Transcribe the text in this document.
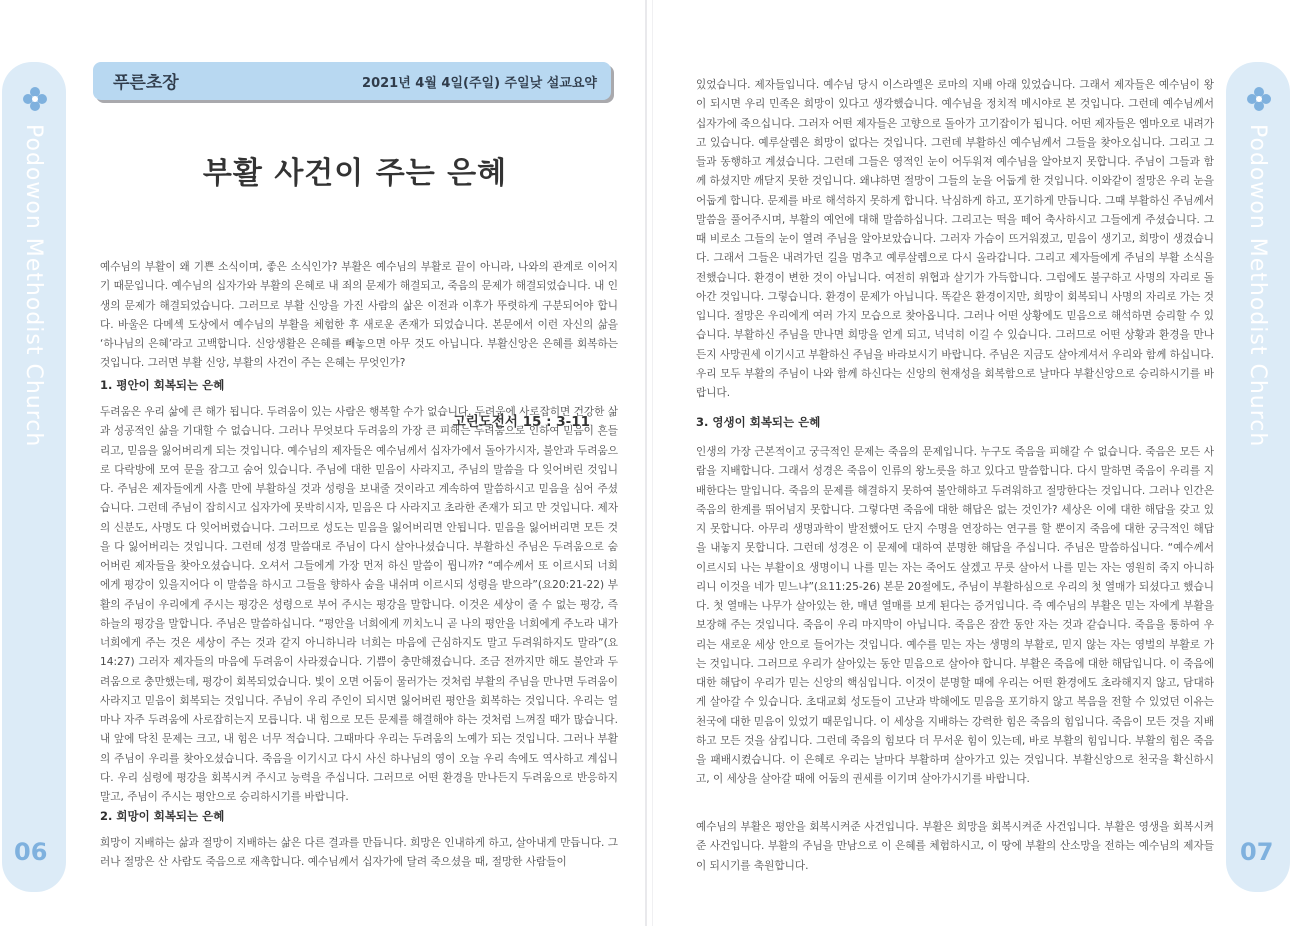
Podowon Methodist Church
06
Podowon Methodist Church
07
푸른초장	2021년 4월 4일(주일) 주일낮 설교요약
부활 사건이 주는 은혜
고린도전서 15 : 3-11
예수님의 부활이 왜 기쁜 소식이며, 좋은 소식인가? 부활은 예수님의 부활로 끝이 아니라, 나와의 관계로 이어지기 때문입니다. 예수님의 십자가와 부활의 은혜로 내 죄의 문제가 해결되고, 죽음의 문제가 해결되었습니다. 내 인생의 문제가 해결되었습니다. 그러므로 부활 신앙을 가진 사람의 삶은 이전과 이후가 뚜렷하게 구분되어야 합니다. 바울은 다메섹 도상에서 예수님의 부활을 체험한 후 새로운 존재가 되었습니다. 본문에서 이런 자신의 삶을 ‘하나님의 은혜’라고 고백합니다. 신앙생활은 은혜를 빼놓으면 아무 것도 아닙니다. 부활신앙은 은혜를 회복하는 것입니다. 그러면 부활 신앙, 부활의 사건이 주는 은혜는 무엇인가?
1. 평안이 회복되는 은혜
두려움은 우리 삶에 큰 해가 됩니다. 두려움이 있는 사람은 행복할 수가 없습니다. 두려움에 사로잡히면 건강한 삶과 성공적인 삶을 기대할 수 없습니다. 그러나 무엇보다 두려움의 가장 큰 피해는 두려움으로 인하여 믿음이 흔들리고, 믿음을 잃어버리게 되는 것입니다. 예수님의 제자들은 예수님께서 십자가에서 돌아가시자, 불안과 두려움으로 다락방에 모여 문을 잠그고 숨어 있습니다. 주님에 대한 믿음이 사라지고, 주님의 말씀을 다 잊어버린 것입니다. 주님은 제자들에게 사흘 만에 부활하실 것과 성령을 보내줄 것이라고 계속하여 말씀하시고 믿음을 심어 주셨습니다. 그런데 주님이 잡히시고 십자가에 못박히시자, 믿음은 다 사라지고 초라한 존재가 되고 만 것입니다. 제자의 신분도, 사명도 다 잊어버렸습니다. 그러므로 성도는 믿음을 잃어버리면 안됩니다. 믿음을 잃어버리면 모든 것을 다 잃어버리는 것입니다. 그런데 성경 말씀대로 주님이 다시 살아나셨습니다. 부활하신 주님은 두려움으로 숨어버린 제자들을 찾아오셨습니다. 오셔서 그들에게 가장 먼저 하신 말씀이 뭡니까? “예수께서 또 이르시되 너희에게 평강이 있을지어다 이 말씀을 하시고 그들을 향하사 숨을 내쉬며 이르시되 성령을 받으라”(요20:21-22) 부활의 주님이 우리에게 주시는 평강은 성령으로 부어 주시는 평강을 말합니다. 이것은 세상이 줄 수 없는 평강, 즉 하늘의 평강을 말합니다. 주님은 말씀하십니다. “평안을 너희에게 끼치노니 곧 나의 평안을 너희에게 주노라 내가 너희에게 주는 것은 세상이 주는 것과 같지 아니하니라 너희는 마음에 근심하지도 말고 두려워하지도 말라”(요14:27) 그러자 제자들의 마음에 두려움이 사라졌습니다. 기쁨이 충만해졌습니다. 조금 전까지만 해도 불안과 두려움으로 충만했는데, 평강이 회복되었습니다. 빛이 오면 어둠이 물러가는 것처럼 부활의 주님을 만나면 두려움이 사라지고 믿음이 회복되는 것입니다. 주님이 우리 주인이 되시면 잃어버린 평안을 회복하는 것입니다. 우리는 얼마나 자주 두려움에 사로잡히는지 모릅니다. 내 힘으로 모든 문제를 해결해야 하는 것처럼 느껴질 때가 많습니다. 내 앞에 닥친 문제는 크고, 내 힘은 너무 적습니다. 그때마다 우리는 두려움의 노예가 되는 것입니다. 그러나 부활의 주님이 우리를 찾아오셨습니다. 죽음을 이기시고 다시 사신 하나님의 영이 오늘 우리 속에도 역사하고 계십니다. 우리 심령에 평강을 회복시켜 주시고 능력을 주십니다. 그러므로 어떤 환경을 만나든지 두려움으로 반응하지 말고, 주님이 주시는 평안으로 승리하시기를 바랍니다.
2. 희망이 회복되는 은혜
희망이 지배하는 삶과 절망이 지배하는 삶은 다른 결과를 만듭니다. 희망은 인내하게 하고, 살아내게 만듭니다. 그러나 절망은 산 사람도 죽음으로 재촉합니다. 예수님께서 십자가에 달려 죽으셨을 때, 절망한 사람들이
있었습니다. 제자들입니다. 예수님 당시 이스라엘은 로마의 지배 아래 있었습니다. 그래서 제자들은 예수님이 왕이 되시면 우리 민족은 희망이 있다고 생각했습니다. 예수님을 정치적 메시야로 본 것입니다. 그런데 예수님께서 십자가에 죽으십니다. 그러자 어떤 제자들은 고향으로 돌아가 고기잡이가 됩니다. 어떤 제자들은 엠마오로 내려가고 있습니다. 예루살렘은 희망이 없다는 것입니다. 그런데 부활하신 예수님께서 그들을 찾아오십니다. 그리고 그들과 동행하고 계셨습니다. 그런데 그들은 영적인 눈이 어두워져 예수님을 알아보지 못합니다. 주님이 그들과 함께 하셨지만 깨닫지 못한 것입니다. 왜냐하면 절망이 그들의 눈을 어둡게 한 것입니다. 이와같이 절망은 우리 눈을 어둡게 합니다. 문제를 바로 해석하지 못하게 합니다. 낙심하게 하고, 포기하게 만듭니다. 그때 부활하신 주님께서 말씀을 풀어주시며, 부활의 예언에 대해 말씀하십니다. 그리고는 떡을 떼어 축사하시고 그들에게 주셨습니다. 그때 비로소 그들의 눈이 열려 주님을 알아보았습니다. 그러자 가슴이 뜨거워졌고, 믿음이 생기고, 희망이 생겼습니다. 그래서 그들은 내려가던 길을 멈추고 예루살렘으로 다시 올라갑니다. 그리고 제자들에게 주님의 부활 소식을 전했습니다. 환경이 변한 것이 아닙니다. 여전히 위협과 살기가 가득합니다. 그럼에도 불구하고 사명의 자리로 돌아간 것입니다. 그렇습니다. 환경이 문제가 아닙니다. 똑같은 환경이지만, 희망이 회복되니 사명의 자리로 가는 것입니다. 절망은 우리에게 여러 가지 모습으로 찾아옵니다. 그러나 어떤 상황에도 믿음으로 해석하면 승리할 수 있습니다. 부활하신 주님을 만나면 희망을 얻게 되고, 넉넉히 이길 수 있습니다. 그러므로 어떤 상황과 환경을 만나든지 사망권세 이기시고 부활하신 주님을 바라보시기 바랍니다. 주님은 지금도 살아계셔서 우리와 함께 하십니다. 우리 모두 부활의 주님이 나와 함께 하신다는 신앙의 현재성을 회복함으로 날마다 부활신앙으로 승리하시기를 바랍니다.
3. 영생이 회복되는 은혜
인생의 가장 근본적이고 궁극적인 문제는 죽음의 문제입니다. 누구도 죽음을 피해갈 수 없습니다. 죽음은 모든 사람을 지배합니다. 그래서 성경은 죽음이 인류의 왕노릇을 하고 있다고 말씀합니다. 다시 말하면 죽음이 우리를 지배한다는 말입니다. 죽음의 문제를 해결하지 못하여 불안해하고 두려워하고 절망한다는 것입니다. 그러나 인간은 죽음의 한계를 뛰어넘지 못합니다. 그렇다면 죽음에 대한 해답은 없는 것인가? 세상은 이에 대한 해답을 갖고 있지 못합니다. 아무리 생명과학이 발전했어도 단지 수명을 연장하는 연구를 할 뿐이지 죽음에 대한 궁극적인 해답을 내놓지 못합니다. 그런데 성경은 이 문제에 대하여 분명한 해답을 주십니다. 주님은 말씀하십니다. “예수께서 이르시되 나는 부활이요 생명이니 나를 믿는 자는 죽어도 살겠고 무릇 살아서 나를 믿는 자는 영원히 죽지 아니하리니 이것을 네가 믿느냐”(요11:25-26) 본문 20절에도, 주님이 부활하심으로 우리의 첫 열매가 되셨다고 했습니다. 첫 열매는 나무가 살아있는 한, 매년 열매를 보게 된다는 증거입니다. 즉 예수님의 부활은 믿는 자에게 부활을 보장해 주는 것입니다. 죽음이 우리 마지막이 아닙니다. 죽음은 잠깐 동안 자는 것과 같습니다. 죽음을 통하여 우리는 새로운 세상 안으로 들어가는 것입니다. 예수를 믿는 자는 생명의 부활로, 믿지 않는 자는 영벌의 부활로 가는 것입니다. 그러므로 우리가 살아있는 동안 믿음으로 살아야 합니다. 부활은 죽음에 대한 해답입니다. 이 죽음에 대한 해답이 우리가 믿는 신앙의 핵심입니다. 이것이 분명할 때에 우리는 어떤 환경에도 초라해지지 않고, 담대하게 살아갈 수 있습니다. 초대교회 성도들이 고난과 박해에도 믿음을 포기하지 않고 복음을 전할 수 있었던 이유는 천국에 대한 믿음이 있었기 때문입니다. 이 세상을 지배하는 강력한 힘은 죽음의 힘입니다. 죽음이 모든 것을 지배하고 모든 것을 삼킵니다. 그런데 죽음의 힘보다 더 무서운 힘이 있는데, 바로 부활의 힘입니다. 부활의 힘은 죽음을 패배시켰습니다. 이 은혜로 우리는 날마다 부활하며 살아가고 있는 것입니다. 부활신앙으로 천국을 확신하시고, 이 세상을 살아갈 때에 어둠의 권세를 이기며 살아가시기를 바랍니다.
예수님의 부활은 평안을 회복시켜준 사건입니다. 부활은 희망을 회복시켜준 사건입니다. 부활은 영생을 회복시켜준 사건입니다. 부활의 주님을 만남으로 이 은혜를 체험하시고, 이 땅에 부활의 산소망을 전하는 예수님의 제자들이 되시기를 축원합니다.
